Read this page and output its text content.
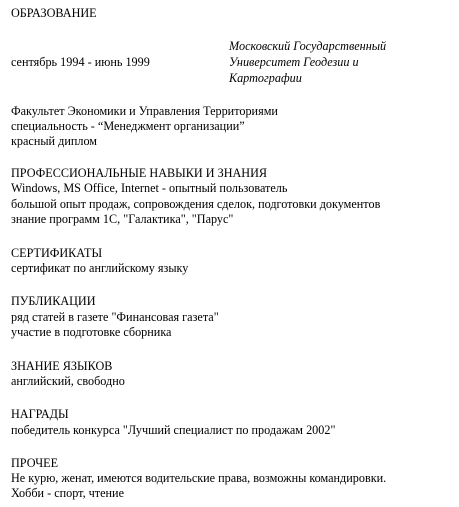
ОБРАЗОВАНИЕ
Московский Государственный
сентябрь 1994 - июнь 1999	Университет Геодезии и
Картографии
Факультет Экономики и Управления Территориями
специальность - “Менеджмент организации”
красный диплом
ПРОФЕССИОНАЛЬНЫЕ НАВЫКИ И ЗНАНИЯ
Windows, MS Office, Internet - опытный пользователь
большой опыт продаж, сопровождения сделок, подготовки документов
знание программ 1С, "Галактика", "Парус"
СЕРТИФИКАТЫ
сертификат по английскому языку
ПУБЛИКАЦИИ
ряд статей в газете "Финансовая газета"
участие в подготовке сборника
ЗНАНИЕ ЯЗЫКОВ
английский, свободно
НАГРАДЫ
победитель конкурса "Лучший специалист по продажам 2002"
ПРОЧЕЕ
Не курю, женат, имеются водительские права, возможны командировки.
Хобби - спорт, чтение
